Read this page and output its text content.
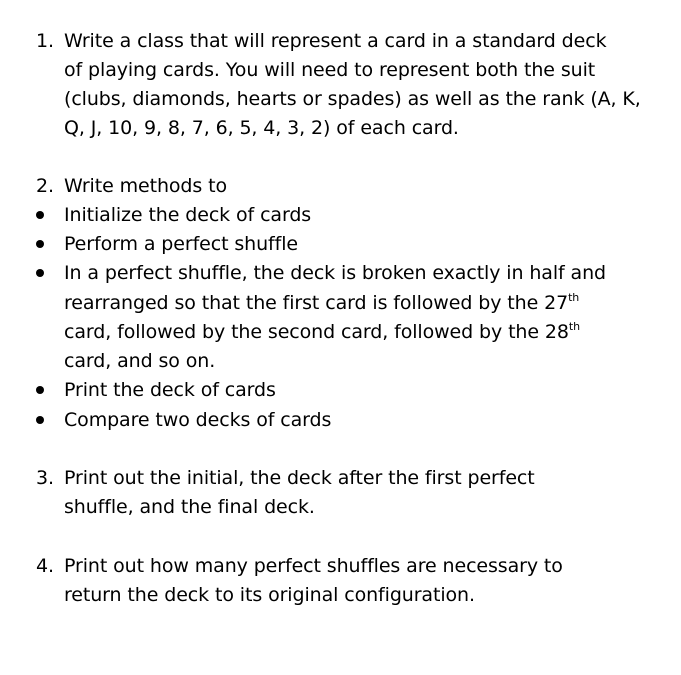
1. Write a class that will represent a card in a standard deck
of playing cards. You will need to represent both the suit
(clubs, diamonds, hearts or spades) as well as the rank (A, K,
Q, J, 10, 9, 8, 7, 6, 5, 4, 3, 2) of each card.
2. Write methods to
Initialize the deck of cards
Perform a perfect shuffle
In a perfect shuffle, the deck is broken exactly in half and
rearranged so that the first card is followed by the 27th
card, followed by the second card, followed by the 28th
card, and so on.
Print the deck of cards
Compare two decks of cards
3. Print out the initial, the deck after the first perfect
shuffle, and the final deck.
4. Print out how many perfect shuffles are necessary to
return the deck to its original configuration.
